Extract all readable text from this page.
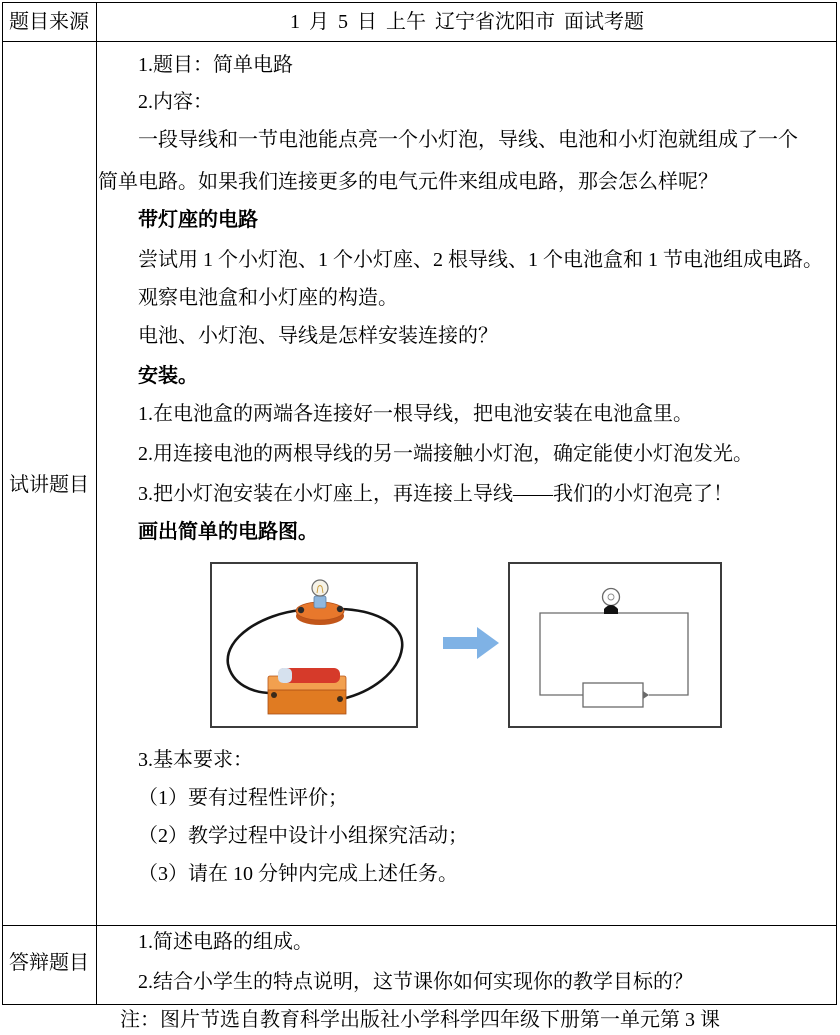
题目来源	1 月 5 日 上午 辽宁省沈阳市 面试考题
试讲题目
1.题目：简单电路
2.内容：
一段导线和一节电池能点亮一个小灯泡，导线、电池和小灯泡就组成了一个
简单电路。如果我们连接更多的电气元件来组成电路，那会怎么样呢？
带灯座的电路
尝试用 1 个小灯泡、1 个小灯座、2 根导线、1 个电池盒和 1 节电池组成电路。
观察电池盒和小灯座的构造。
电池、小灯泡、导线是怎样安装连接的？
安装。
1.在电池盒的两端各连接好一根导线，把电池安装在电池盒里。
2.用连接电池的两根导线的另一端接触小灯泡，确定能使小灯泡发光。
3.把小灯泡安装在小灯座上，再连接上导线——我们的小灯泡亮了！
画出简单的电路图。
3.基本要求：
（1）要有过程性评价；
（2）教学过程中设计小组探究活动；
（3）请在 10 分钟内完成上述任务。
答辩题目
1.简述电路的组成。
2.结合小学生的特点说明，这节课你如何实现你的教学目标的？
注：图片节选自教育科学出版社小学科学四年级下册第一单元第 3 课
